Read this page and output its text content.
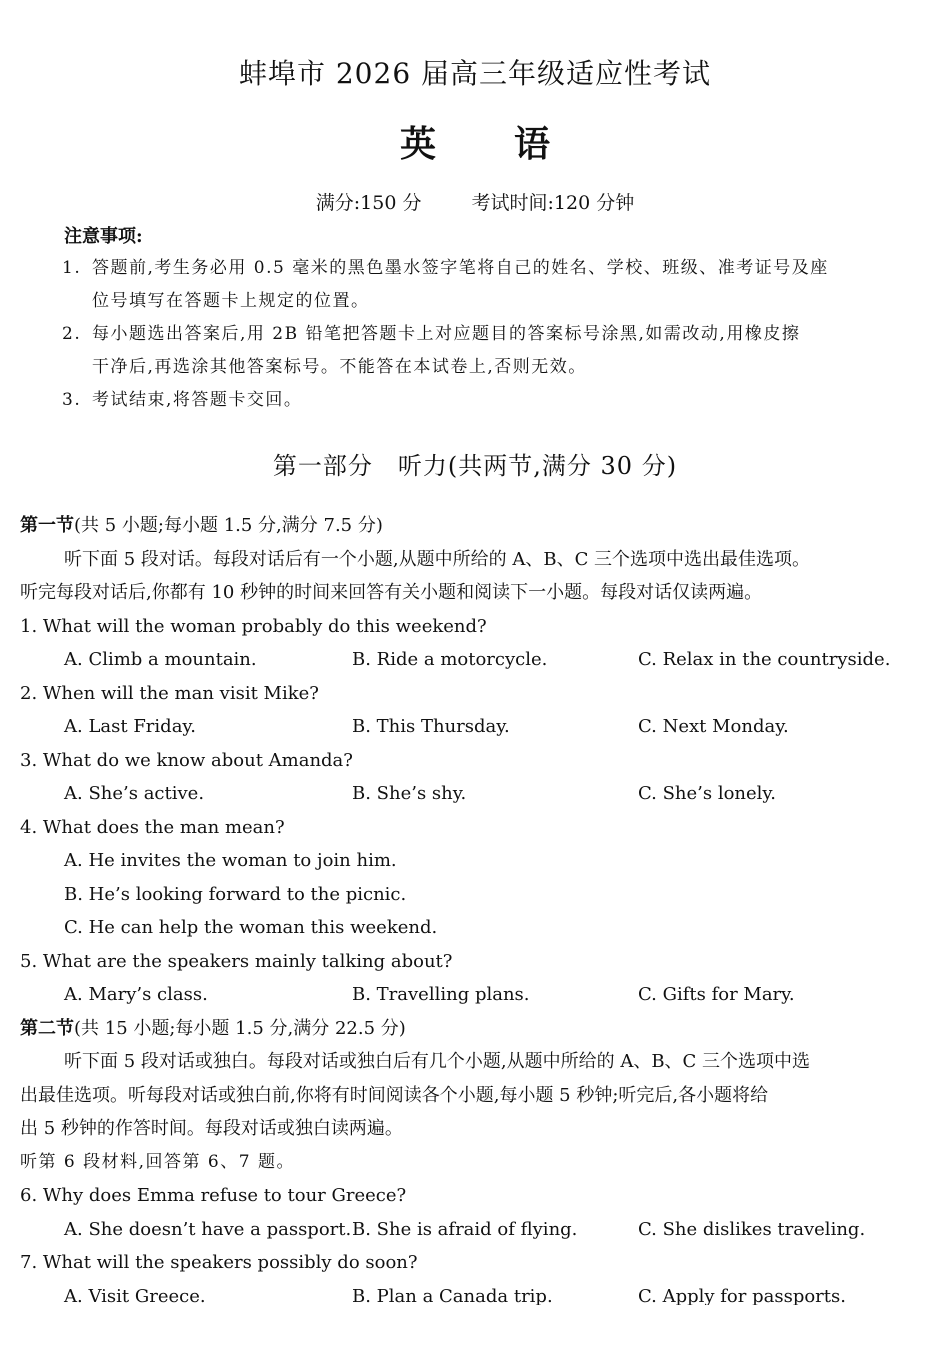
蚌埠市 2026 届高三年级适应性考试
英 语
满分:150 分	考试时间:120 分钟
注意事项:
1. 答题前,考生务必用 0.5 毫米的黑色墨水签字笔将自己的姓名、学校、班级、准考证号及座
位号填写在答题卡上规定的位置。
2. 每小题选出答案后,用 2B 铅笔把答题卡上对应题目的答案标号涂黑,如需改动,用橡皮擦
干净后,再选涂其他答案标号。不能答在本试卷上,否则无效。
3. 考试结束,将答题卡交回。
第一部分　听力(共两节,满分 30 分)
第一节(共 5 小题;每小题 1.5 分,满分 7.5 分)
听下面 5 段对话。每段对话后有一个小题,从题中所给的 A、B、C 三个选项中选出最佳选项。
听完每段对话后,你都有 10 秒钟的时间来回答有关小题和阅读下一小题。每段对话仅读两遍。
1. What will the woman probably do this weekend?
A. Climb a mountain.	B. Ride a motorcycle.	C. Relax in the countryside.
2. When will the man visit Mike?
A. Last Friday.	B. This Thursday.	C. Next Monday.
3. What do we know about Amanda?
A. She’s active.	B. She’s shy.	C. She’s lonely.
4. What does the man mean?
A. He invites the woman to join him.
B. He’s looking forward to the picnic.
C. He can help the woman this weekend.
5. What are the speakers mainly talking about?
A. Mary’s class.	B. Travelling plans.	C. Gifts for Mary.
第二节(共 15 小题;每小题 1.5 分,满分 22.5 分)
听下面 5 段对话或独白。每段对话或独白后有几个小题,从题中所给的 A、B、C 三个选项中选
出最佳选项。听每段对话或独白前,你将有时间阅读各个小题,每小题 5 秒钟;听完后,各小题将给
出 5 秒钟的作答时间。每段对话或独白读两遍。
听第 6 段材料,回答第 6、7 题。
6. Why does Emma refuse to tour Greece?
A. She doesn’t have a passport. B. She is afraid of flying.	C. She dislikes traveling.
7. What will the speakers possibly do soon?
A. Visit Greece.	B. Plan a Canada trip.	C. Apply for passports.
